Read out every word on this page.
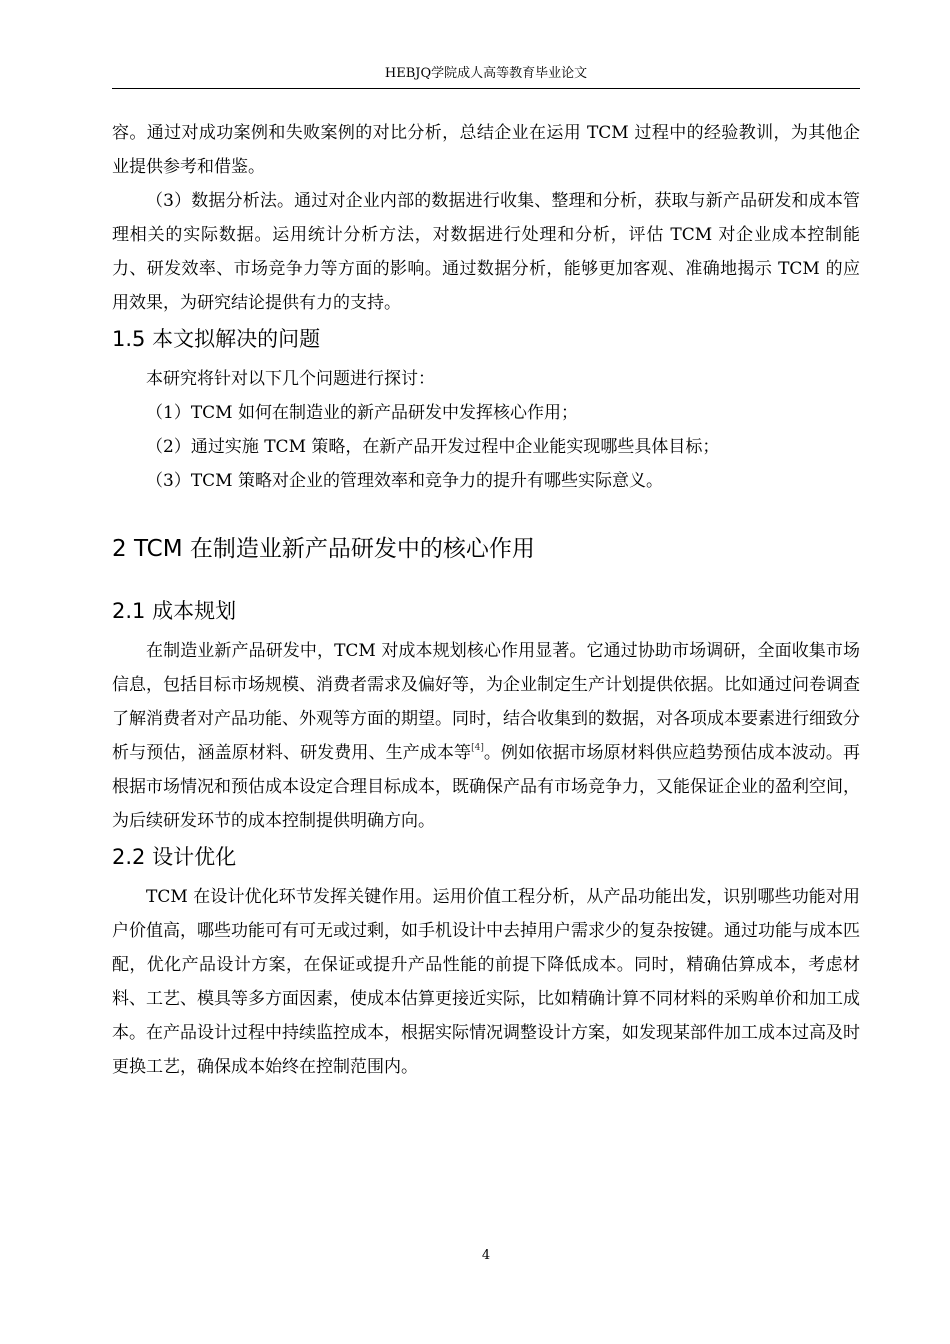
HEBJQ学院成人高等教育毕业论文

容。通过对成功案例和失败案例的对比分析，总结企业在运用 TCM 过程中的经验教训，为其他企业提供参考和借鉴。

（3）数据分析法。通过对企业内部的数据进行收集、整理和分析，获取与新产品研发和成本管理相关的实际数据。运用统计分析方法，对数据进行处理和分析，评估 TCM 对企业成本控制能力、研发效率、市场竞争力等方面的影响。通过数据分析，能够更加客观、准确地揭示 TCM 的应用效果，为研究结论提供有力的支持。

1.5 本文拟解决的问题

本研究将针对以下几个问题进行探讨：

（1）TCM 如何在制造业的新产品研发中发挥核心作用；

（2）通过实施 TCM 策略，在新产品开发过程中企业能实现哪些具体目标；

（3）TCM 策略对企业的管理效率和竞争力的提升有哪些实际意义。

2 TCM 在制造业新产品研发中的核心作用
2.1 成本规划

在制造业新产品研发中，TCM 对成本规划核心作用显著。它通过协助市场调研，全面收集市场信息，包括目标市场规模、消费者需求及偏好等，为企业制定生产计划提供依据。比如通过问卷调查了解消费者对产品功能、外观等方面的期望。同时，结合收集到的数据，对各项成本要素进行细致分析与预估，涵盖原材料、研发费用、生产成本等[4]。例如依据市场原材料供应趋势预估成本波动。再根据市场情况和预估成本设定合理目标成本，既确保产品有市场竞争力，又能保证企业的盈利空间，为后续研发环节的成本控制提供明确方向。

2.2 设计优化

TCM 在设计优化环节发挥关键作用。运用价值工程分析，从产品功能出发，识别哪些功能对用户价值高，哪些功能可有可无或过剩，如手机设计中去掉用户需求少的复杂按键。通过功能与成本匹配，优化产品设计方案，在保证或提升产品性能的前提下降低成本。同时，精确估算成本，考虑材料、工艺、模具等多方面因素，使成本估算更接近实际，比如精确计算不同材料的采购单价和加工成本。在产品设计过程中持续监控成本，根据实际情况调整设计方案，如发现某部件加工成本过高及时更换工艺，确保成本始终在控制范围内。

4
